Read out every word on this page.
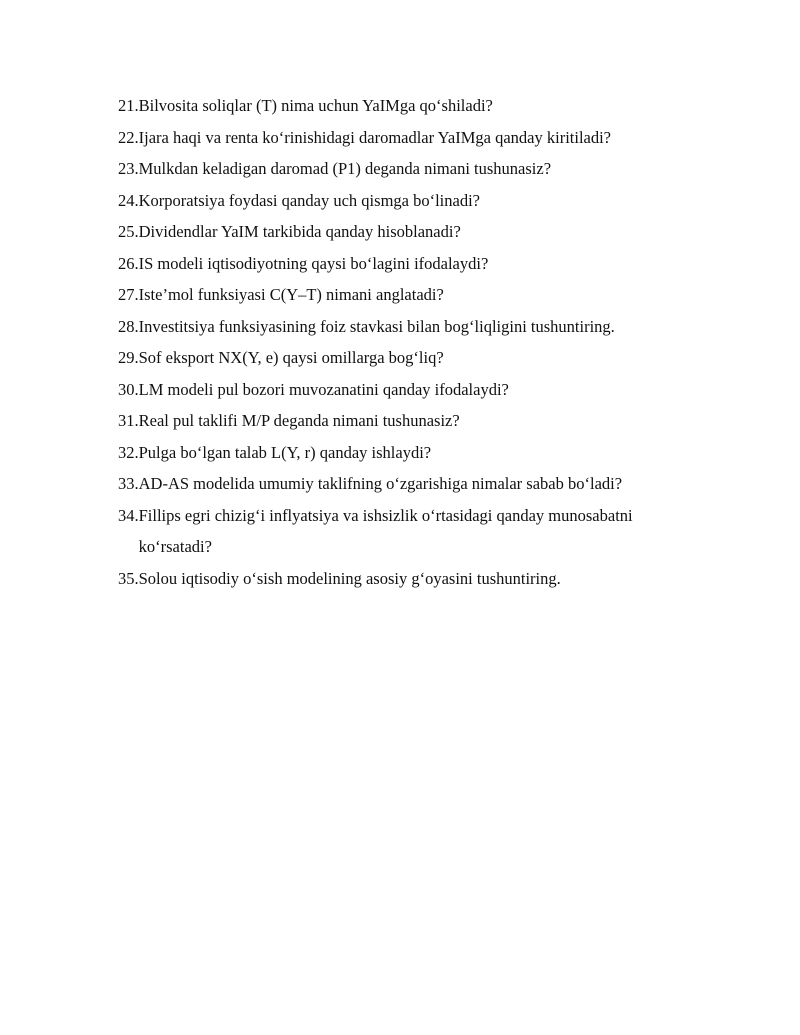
21. Bilvosita soliqlar (T) nima uchun YaIMga qo‘shiladi?
22. Ijara haqi va renta ko‘rinishidagi daromadlar YaIMga qanday kiritiladi?
23. Mulkdan keladigan daromad (P1) deganda nimani tushunasiz?
24. Korporatsiya foydasi qanday uch qismga bo‘linadi?
25. Dividendlar YaIM tarkibida qanday hisoblanadi?
26. IS modeli iqtisodiyotning qaysi bo‘lagini ifodalaydi?
27. Iste’mol funksiyasi C(Y–T) nimani anglatadi?
28. Investitsiya funksiyasining foiz stavkasi bilan bog‘liqligini tushuntiring.
29. Sof eksport NX(Y, e) qaysi omillarga bog‘liq?
30. LM modeli pul bozori muvozanatini qanday ifodalaydi?
31. Real pul taklifi M/P deganda nimani tushunasiz?
32. Pulga bo‘lgan talab L(Y, r) qanday ishlaydi?
33. AD-AS modelida umumiy taklifning o‘zgarishiga nimalar sabab bo‘ladi?
34. Fillips egri chizig‘i inflyatsiya va ishsizlik o‘rtasidagi qanday munosabatni ko‘rsatadi?
35. Solou iqtisodiy o‘sish modelining asosiy g‘oyasini tushuntiring.
